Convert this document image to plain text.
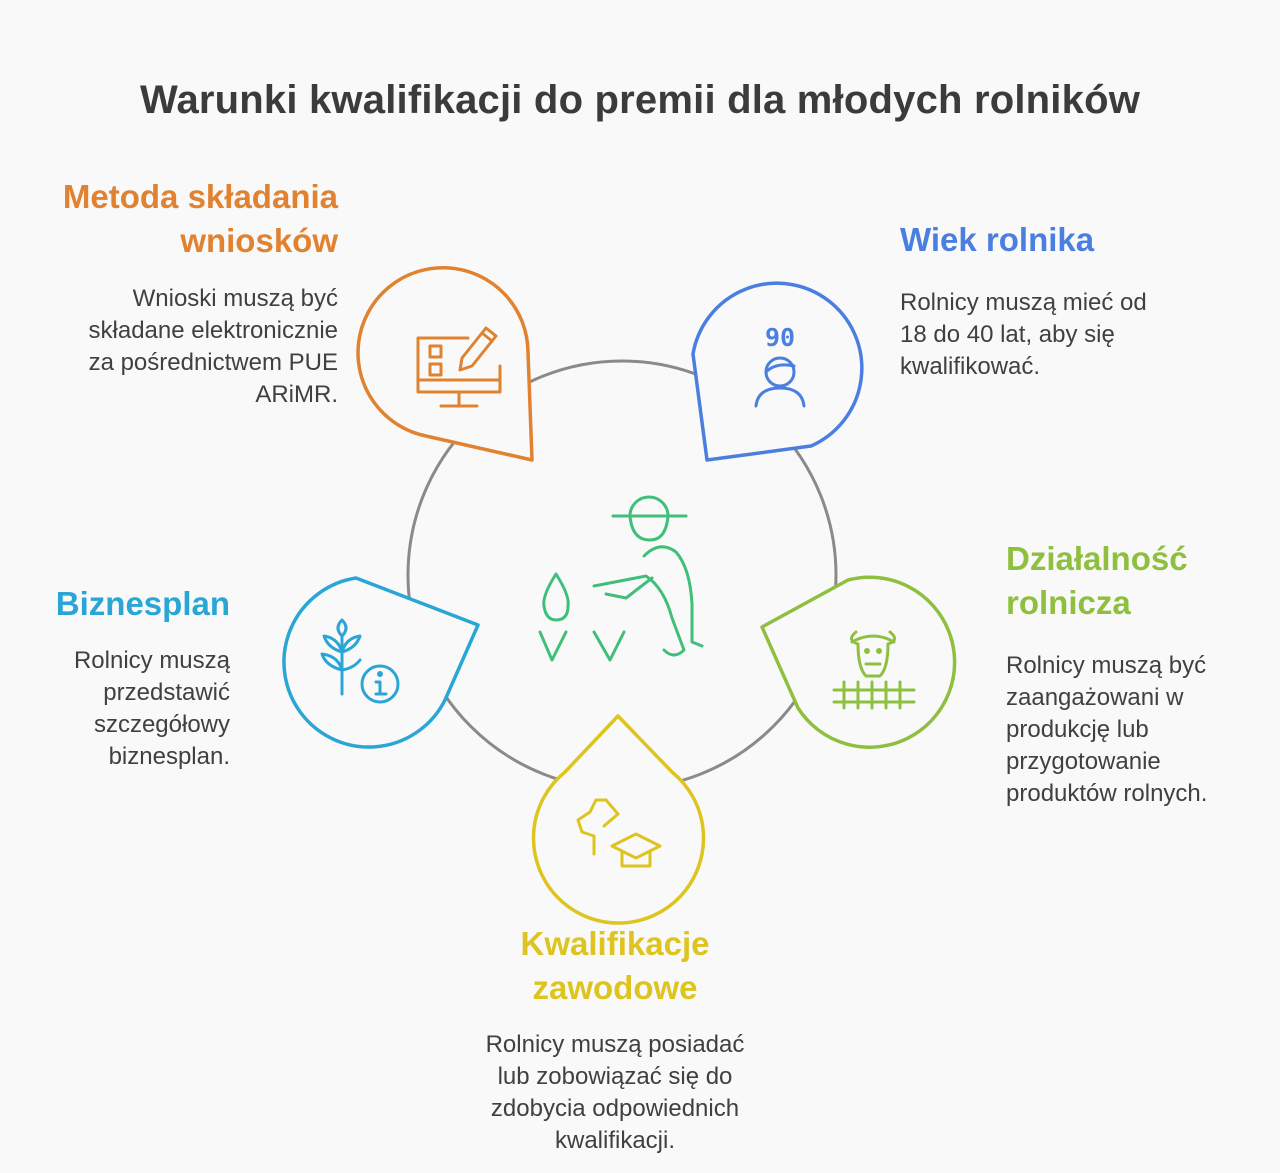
Warunki kwalifikacji do premii dla młodych rolników
90
Metoda składania
wniosków
Wnioski muszą być
składane elektronicznie
za pośrednictwem PUE
ARiMR.
Wiek rolnika
Rolnicy muszą mieć od
18 do 40 lat, aby się
kwalifikować.
Działalność
rolnicza
Rolnicy muszą być
zaangażowani w
produkcję lub
przygotowanie
produktów rolnych.
Biznesplan
Rolnicy muszą
przedstawić
szczegółowy
biznesplan.
Kwalifikacje
zawodowe
Rolnicy muszą posiadać
lub zobowiązać się do
zdobycia odpowiednich
kwalifikacji.
